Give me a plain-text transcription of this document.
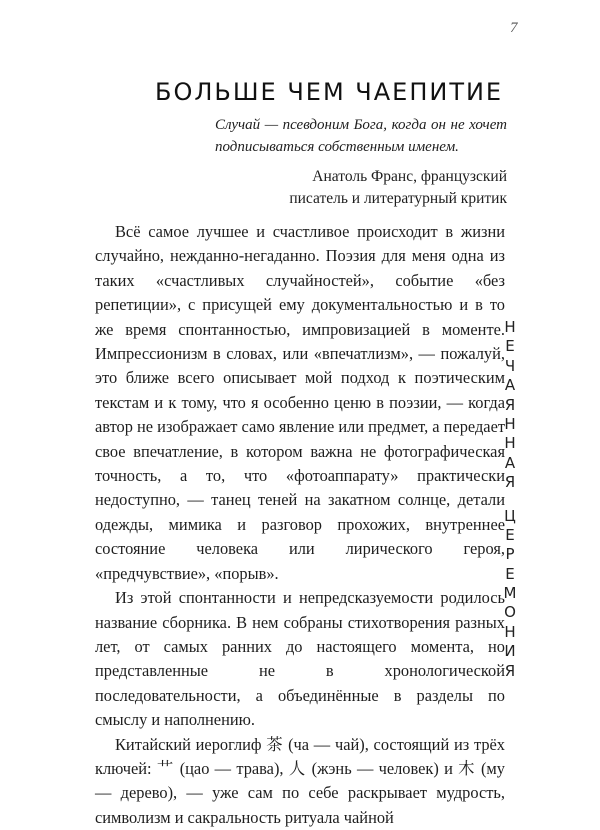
7
БОЛЬШЕ ЧЕМ ЧАЕПИТИЕ

Случай — псевдоним Бога, когда он не хочет подписываться собственным именем.

Анатоль Франс, французский
писатель и литературный критик

Всё самое лучшее и счастливое происходит в жизни случайно, нежданно-негаданно. Поэзия для меня одна из таких «счастливых случайностей», событие «без репетиции», с присущей ему документальностью и в то же время спонтанностью, импровизацией в моменте. Импрессионизм в словах, или «впечатлизм», — пожалуй, это ближе всего описывает мой подход к поэтическим текстам и к тому, что я особенно ценю в поэзии, — когда автор не изображает само явление или предмет, а передает свое впечатление, в котором важна не фотографическая точность, а то, что «фотоаппарату» практически недоступно, — танец теней на закатном солнце, детали одежды, мимика и разговор прохожих, внутреннее состояние человека или лирического героя, «предчувствие», «порыв».

Из этой спонтанности и непредсказуемости родилось название сборника. В нем собраны стихотворения разных лет, от самых ранних до настоящего момента, но представленные не в хронологической последовательности, а объединённые в разделы по смыслу и наполнению.

Китайский иероглиф 茶 (ча — чай), состоящий из трёх ключей: 艹 (цао — трава), 人 (жэнь — человек) и 木 (му — дерево), — уже сам по себе раскрывает мудрость, символизм и сакральность ритуала чайной

Н
Е
Ч
А
Я
Н
Н
А
Я
Ц
Е
Р
Е
М
О
Н
И
Я
